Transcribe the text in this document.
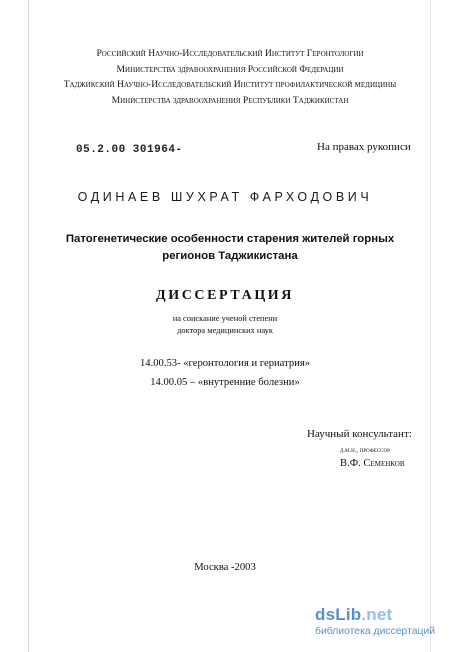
Российский Научно-Исследовательский Институт Геронтологии
Министерства здравоохранения Российской Федерации
Таджикский Научно-Исследовательский Институт профилактической медицины
Министерства здравоохранения Республики Таджикистан
05.2.00 301964-	На правах рукописи
ОДИНАЕВ ШУХРАТ ФАРХОДОВИЧ
Патогенетические особенности старения жителей горных
регионов Таджикистана
ДИССЕРТАЦИЯ
на соискание ученой степени
доктора медицинских наук
14.00.53- «геронтология и гериатрия»
14.00.05 – «внутренние болезни»
Научный консультант:
д.м.н., профессор
В.Ф. Семенков
Москва -2003
dsLib.net
библиотека диссертаций
